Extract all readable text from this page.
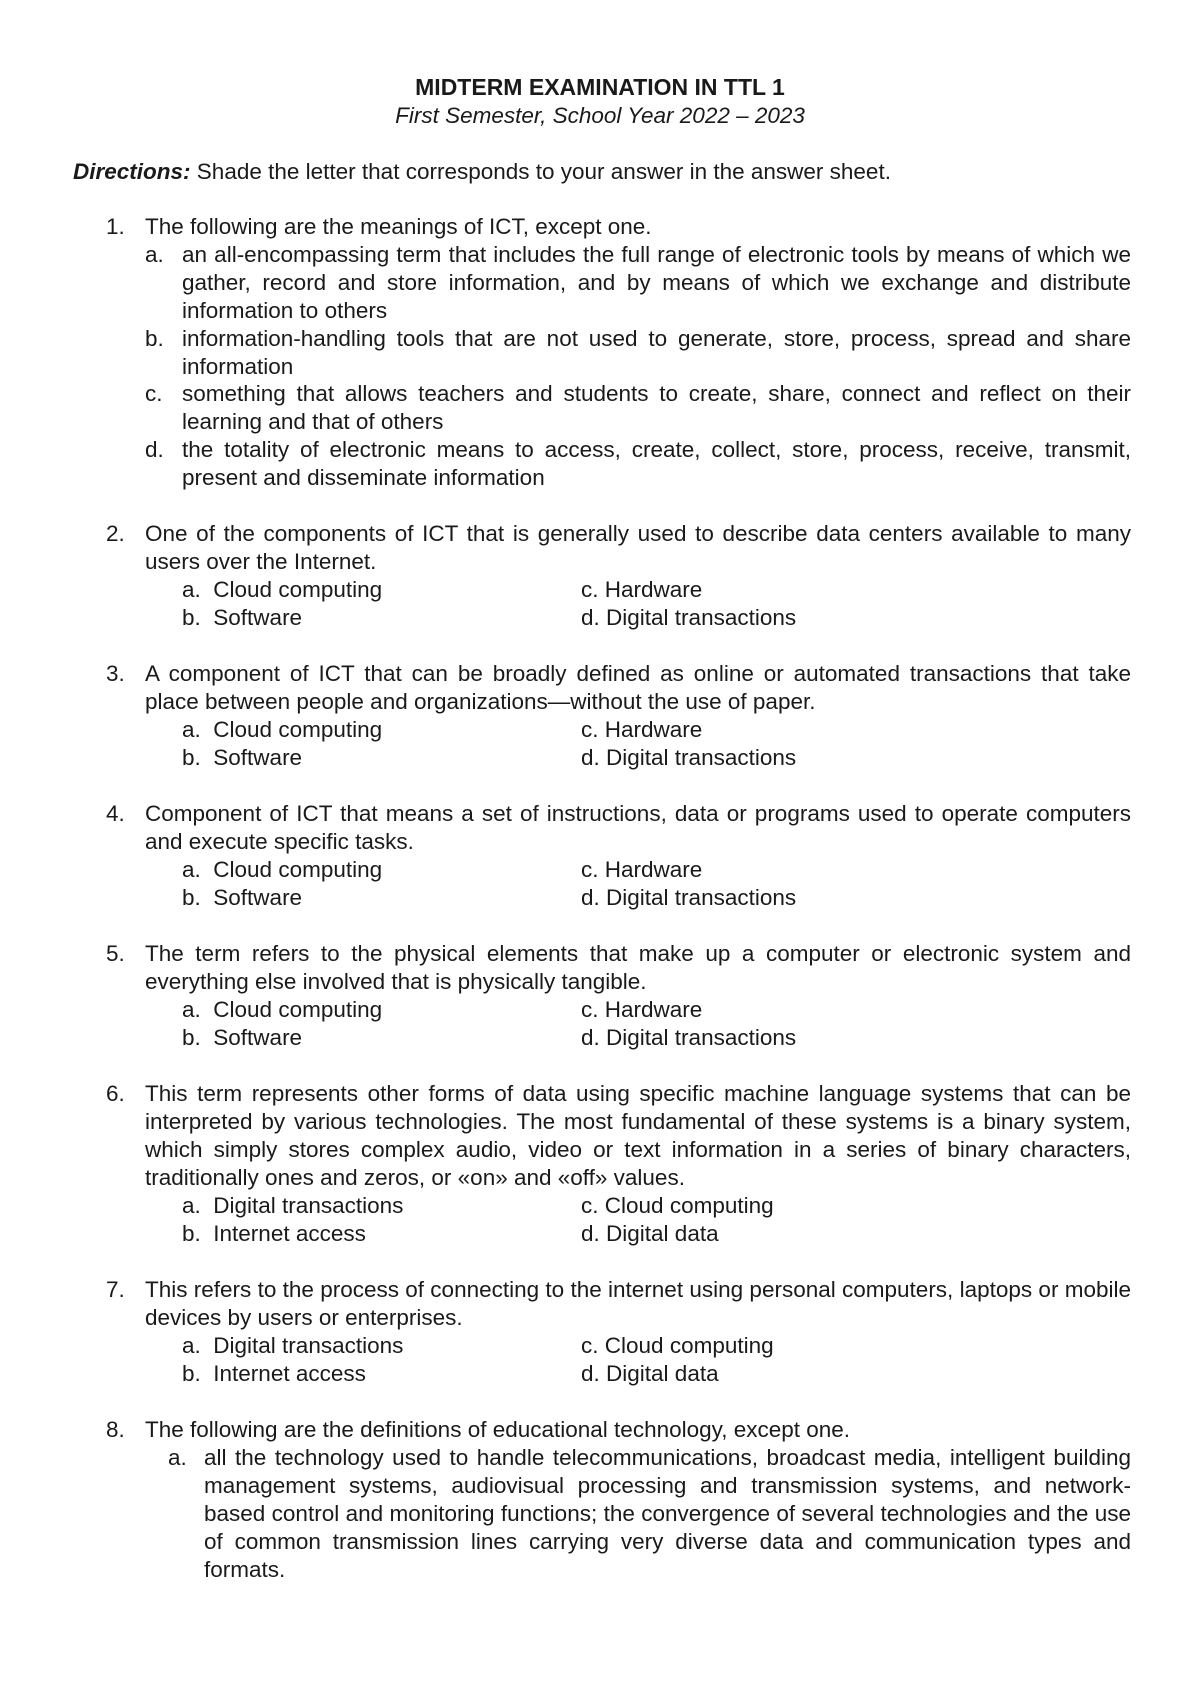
MIDTERM EXAMINATION IN TTL 1
First Semester, School Year 2022 – 2023
Directions: Shade the letter that corresponds to your answer in the answer sheet.
1. The following are the meanings of ICT, except one.
a. an all-encompassing term that includes the full range of electronic tools by means of which we gather, record and store information, and by means of which we exchange and distribute information to others
b. information-handling tools that are not used to generate, store, process, spread and share information
c. something that allows teachers and students to create, share, connect and reflect on their learning and that of others
d. the totality of electronic means to access, create, collect, store, process, receive, transmit, present and disseminate information
2. One of the components of ICT that is generally used to describe data centers available to many users over the Internet.
a. Cloud computing
b. Software
c. Hardware
d. Digital transactions
3. A component of ICT that can be broadly defined as online or automated transactions that take place between people and organizations—without the use of paper.
a. Cloud computing
b. Software
c. Hardware
d. Digital transactions
4. Component of ICT that means a set of instructions, data or programs used to operate computers and execute specific tasks.
a. Cloud computing
b. Software
c. Hardware
d. Digital transactions
5. The term refers to the physical elements that make up a computer or electronic system and everything else involved that is physically tangible.
a. Cloud computing
b. Software
c. Hardware
d. Digital transactions
6. This term represents other forms of data using specific machine language systems that can be interpreted by various technologies. The most fundamental of these systems is a binary system, which simply stores complex audio, video or text information in a series of binary characters, traditionally ones and zeros, or «on» and «off» values.
a. Digital transactions
b. Internet access
c. Cloud computing
d. Digital data
7. This refers to the process of connecting to the internet using personal computers, laptops or mobile devices by users or enterprises.
a. Digital transactions
b. Internet access
c. Cloud computing
d. Digital data
8. The following are the definitions of educational technology, except one.
a. all the technology used to handle telecommunications, broadcast media, intelligent building management systems, audiovisual processing and transmission systems, and network-based control and monitoring functions; the convergence of several technologies and the use of common transmission lines carrying very diverse data and communication types and formats.
